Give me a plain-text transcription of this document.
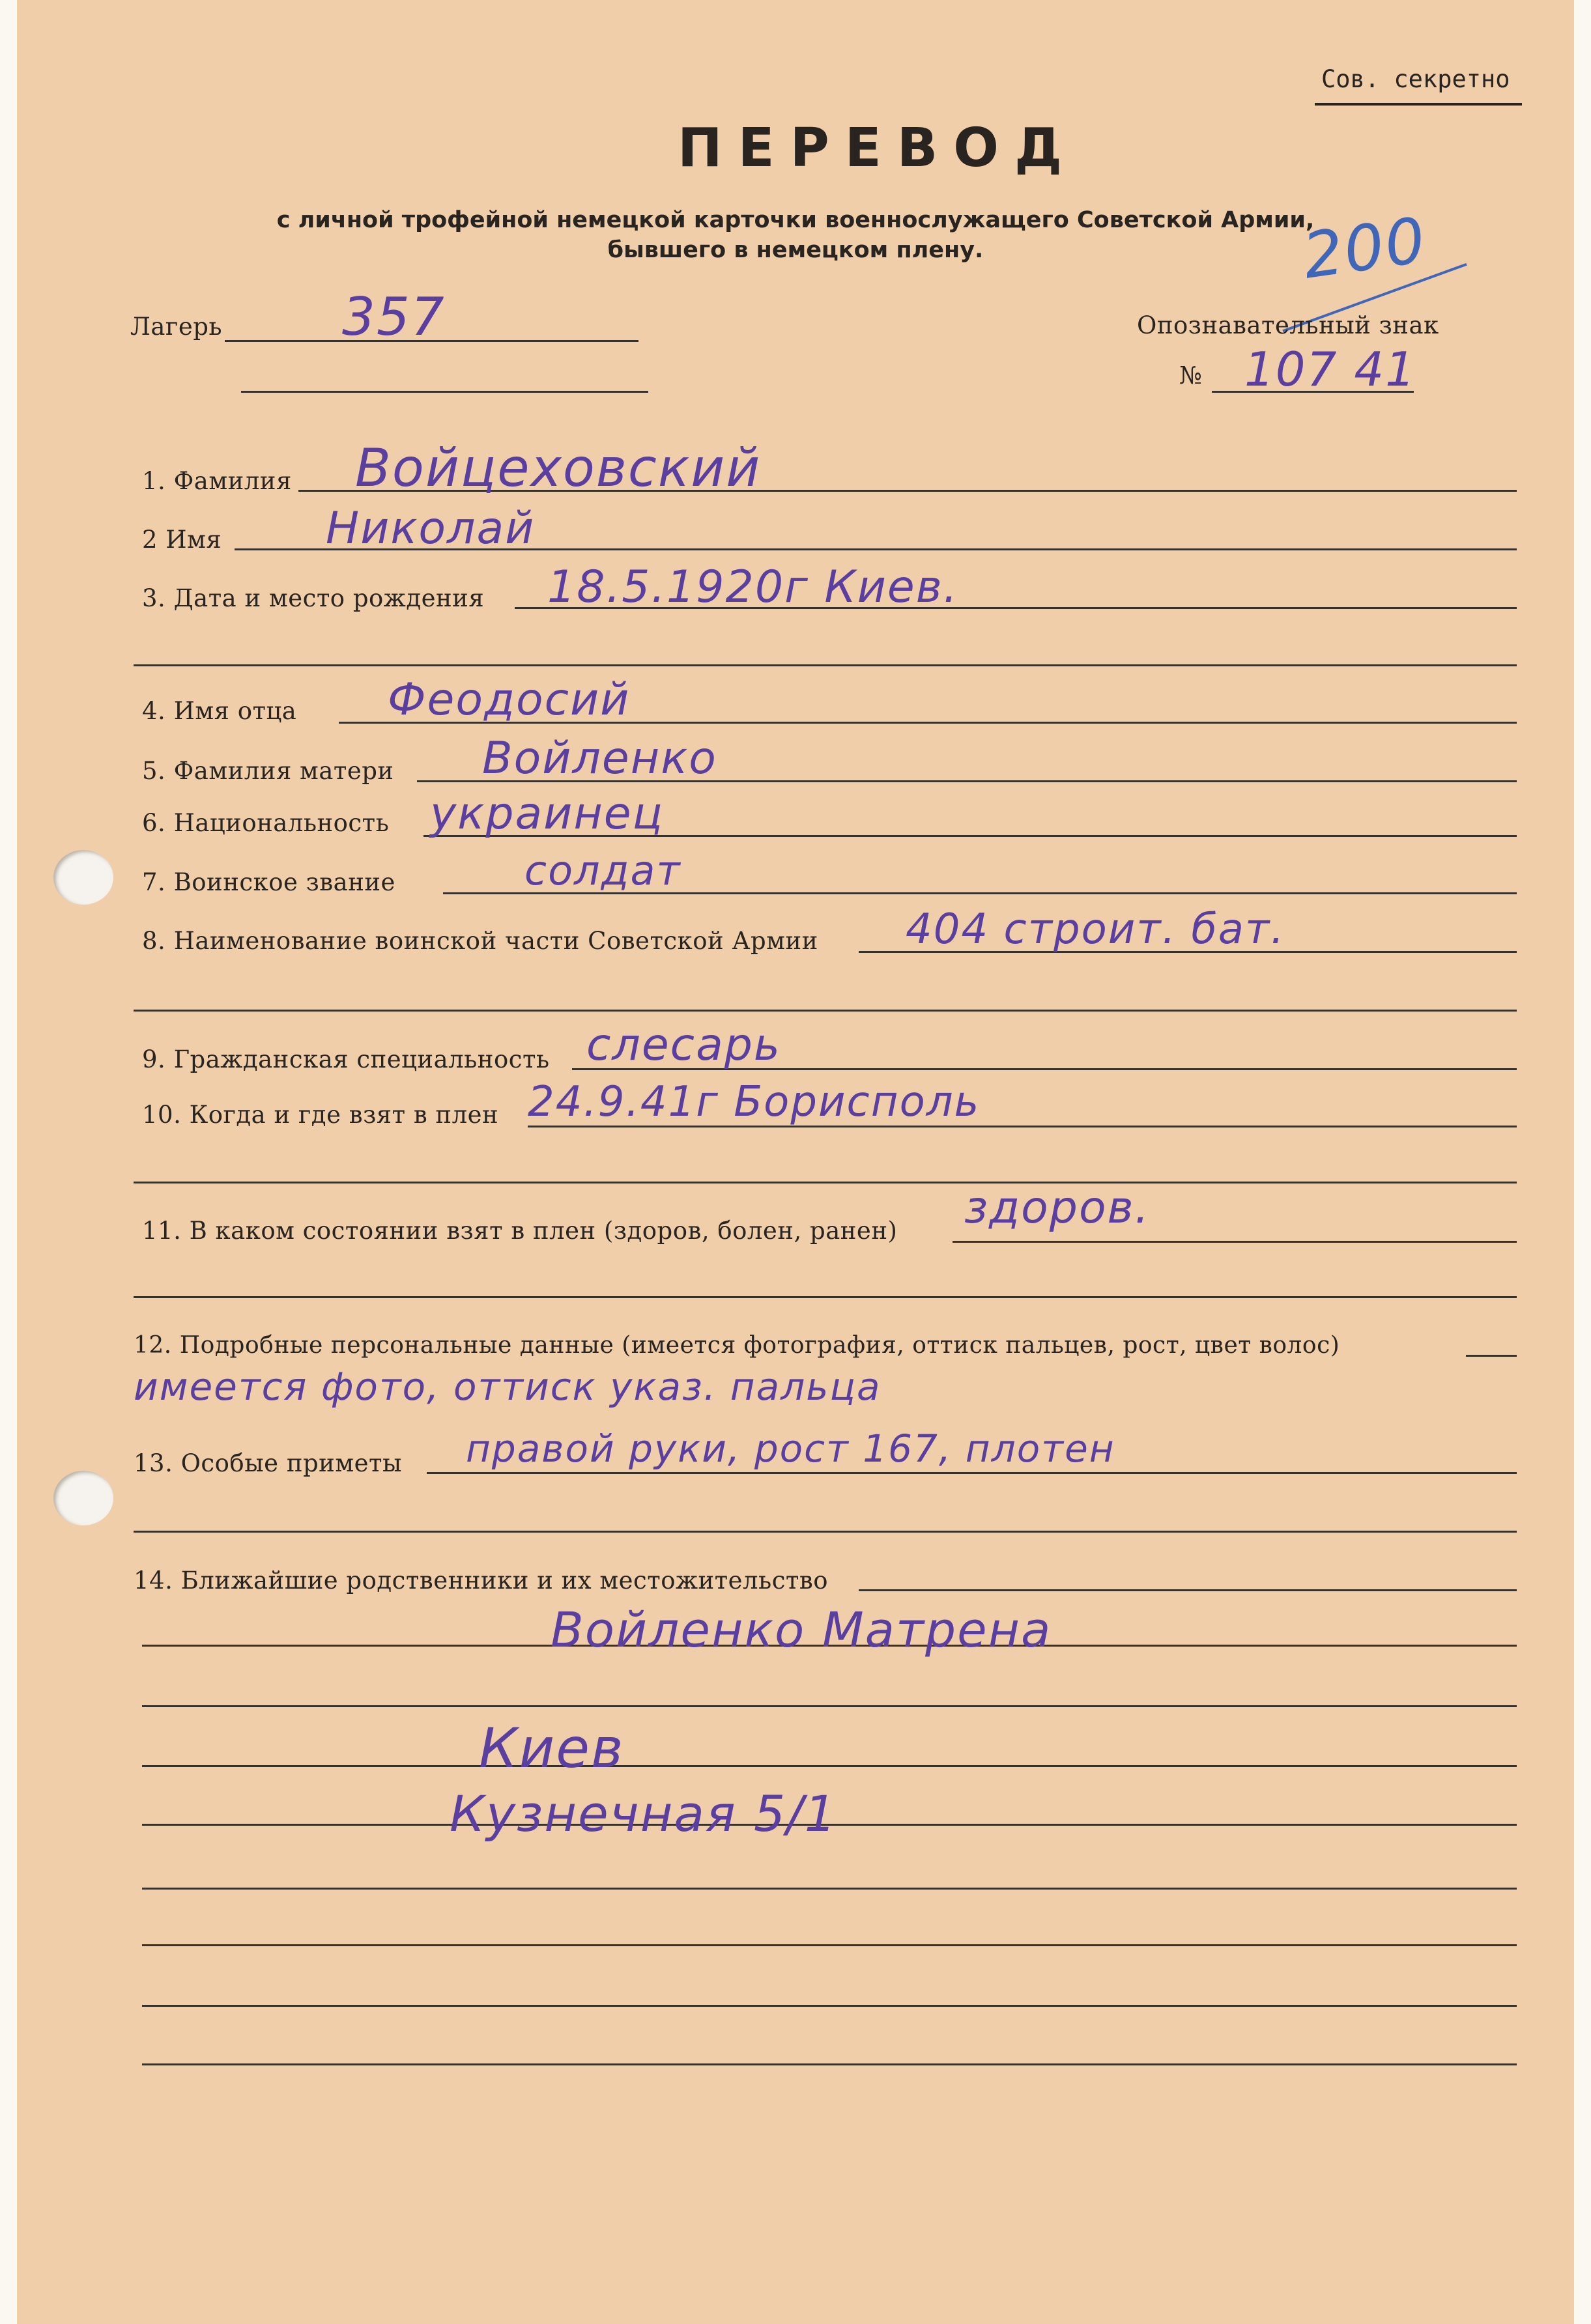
Сов. секретно
ПЕРЕВОД
с личной трофейной немецкой карточки военнослужащего Советской Армии,
бывшего в немецком плену.	200
Лагерь 357	Опознавательный знак
№ 107 41
1. Фамилия Войцеховский
2 Имя Николай
3. Дата и место рождения 18.5.1920г Киев.
4. Имя отца Феодосий
5. Фамилия матери Войленко
6. Национальность украинец
7. Воинское звание	солдат
8. Наименование воинской части Советской Армии 404 строит. бат.
9. Гражданская специальность слесарь
10. Когда и где взят в плен 24.9.41г Борисполь
11. В каком состоянии взят в плен (здоров, болен, ранен) здоров.
12. Подробные персональные данные (имеется фотография, оттиск пальцев, рост, цвет волос)
имеется фото, оттиск указ. пальца
13. Особые приметы правой руки, рост 167, плотен
14. Ближайшие родственники и их местожительство
Войленко Матрена
Киев
Кузнечная 5/1
